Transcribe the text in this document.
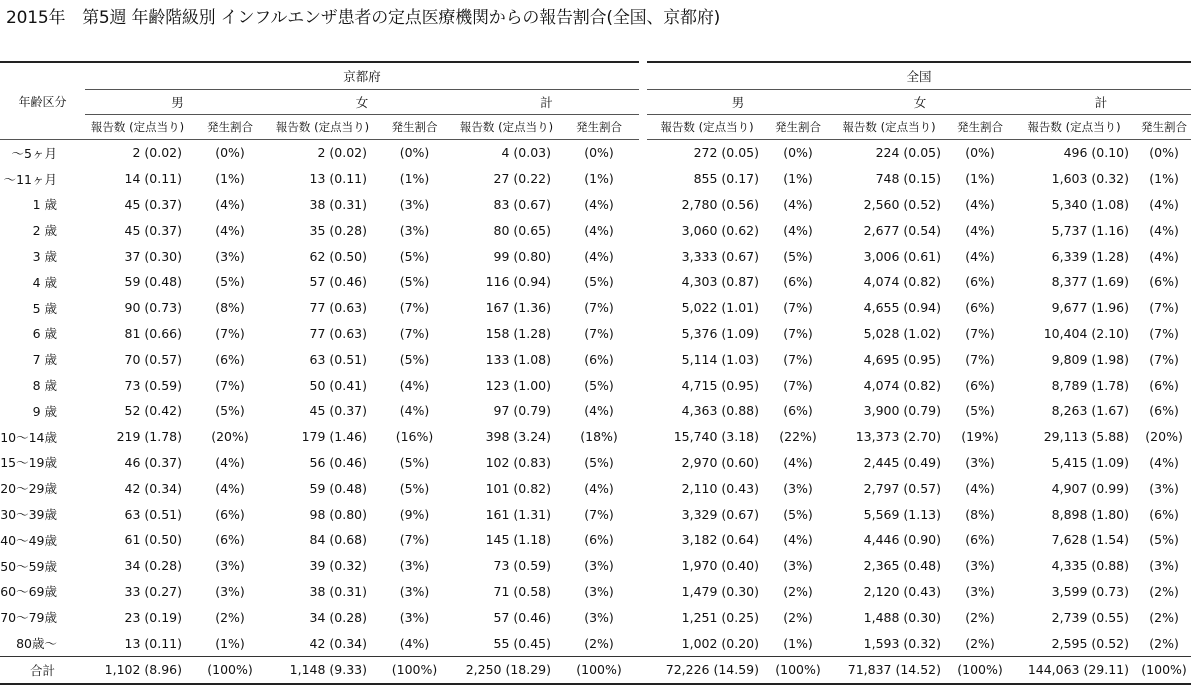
2015年　第5週 年齢階級別 インフルエンザ患者の定点医療機関からの報告割合(全国、京都府)
年齢区分	京都府							全国					
	男		女		計			男		女		計	
	報告数 (定点当り)	発生割合	報告数 (定点当り)	発生割合	報告数 (定点当り)	発生割合		報告数 (定点当り)	発生割合	報告数 (定点当り)	発生割合	報告数 (定点当り)	発生割合
～5ヶ月	2 (0.02)	(0%)	2 (0.02)	(0%)	4 (0.03)	(0%)		272 (0.05)	(0%)	224 (0.05)	(0%)	496 (0.10)	(0%)
～11ヶ月	14 (0.11)	(1%)	13 (0.11)	(1%)	27 (0.22)	(1%)		855 (0.17)	(1%)	748 (0.15)	(1%)	1,603 (0.32)	(1%)
1 歳	45 (0.37)	(4%)	38 (0.31)	(3%)	83 (0.67)	(4%)		2,780 (0.56)	(4%)	2,560 (0.52)	(4%)	5,340 (1.08)	(4%)
2 歳	45 (0.37)	(4%)	35 (0.28)	(3%)	80 (0.65)	(4%)		3,060 (0.62)	(4%)	2,677 (0.54)	(4%)	5,737 (1.16)	(4%)
3 歳	37 (0.30)	(3%)	62 (0.50)	(5%)	99 (0.80)	(4%)		3,333 (0.67)	(5%)	3,006 (0.61)	(4%)	6,339 (1.28)	(4%)
4 歳	59 (0.48)	(5%)	57 (0.46)	(5%)	116 (0.94)	(5%)		4,303 (0.87)	(6%)	4,074 (0.82)	(6%)	8,377 (1.69)	(6%)
5 歳	90 (0.73)	(8%)	77 (0.63)	(7%)	167 (1.36)	(7%)		5,022 (1.01)	(7%)	4,655 (0.94)	(6%)	9,677 (1.96)	(7%)
6 歳	81 (0.66)	(7%)	77 (0.63)	(7%)	158 (1.28)	(7%)		5,376 (1.09)	(7%)	5,028 (1.02)	(7%)	10,404 (2.10)	(7%)
7 歳	70 (0.57)	(6%)	63 (0.51)	(5%)	133 (1.08)	(6%)		5,114 (1.03)	(7%)	4,695 (0.95)	(7%)	9,809 (1.98)	(7%)
8 歳	73 (0.59)	(7%)	50 (0.41)	(4%)	123 (1.00)	(5%)		4,715 (0.95)	(7%)	4,074 (0.82)	(6%)	8,789 (1.78)	(6%)
9 歳	52 (0.42)	(5%)	45 (0.37)	(4%)	97 (0.79)	(4%)		4,363 (0.88)	(6%)	3,900 (0.79)	(5%)	8,263 (1.67)	(6%)
10～14歳	219 (1.78)	(20%)	179 (1.46)	(16%)	398 (3.24)	(18%)		15,740 (3.18)	(22%)	13,373 (2.70)	(19%)	29,113 (5.88)	(20%)
15～19歳	46 (0.37)	(4%)	56 (0.46)	(5%)	102 (0.83)	(5%)		2,970 (0.60)	(4%)	2,445 (0.49)	(3%)	5,415 (1.09)	(4%)
20～29歳	42 (0.34)	(4%)	59 (0.48)	(5%)	101 (0.82)	(4%)		2,110 (0.43)	(3%)	2,797 (0.57)	(4%)	4,907 (0.99)	(3%)
30～39歳	63 (0.51)	(6%)	98 (0.80)	(9%)	161 (1.31)	(7%)		3,329 (0.67)	(5%)	5,569 (1.13)	(8%)	8,898 (1.80)	(6%)
40～49歳	61 (0.50)	(6%)	84 (0.68)	(7%)	145 (1.18)	(6%)		3,182 (0.64)	(4%)	4,446 (0.90)	(6%)	7,628 (1.54)	(5%)
50～59歳	34 (0.28)	(3%)	39 (0.32)	(3%)	73 (0.59)	(3%)		1,970 (0.40)	(3%)	2,365 (0.48)	(3%)	4,335 (0.88)	(3%)
60～69歳	33 (0.27)	(3%)	38 (0.31)	(3%)	71 (0.58)	(3%)		1,479 (0.30)	(2%)	2,120 (0.43)	(3%)	3,599 (0.73)	(2%)
70～79歳	23 (0.19)	(2%)	34 (0.28)	(3%)	57 (0.46)	(3%)		1,251 (0.25)	(2%)	1,488 (0.30)	(2%)	2,739 (0.55)	(2%)
80歳～	13 (0.11)	(1%)	42 (0.34)	(4%)	55 (0.45)	(2%)		1,002 (0.20)	(1%)	1,593 (0.32)	(2%)	2,595 (0.52)	(2%)
合計	1,102 (8.96)	(100%)	1,148 (9.33)	(100%)	2,250 (18.29)	(100%)		72,226 (14.59)	(100%)	71,837 (14.52)	(100%)	144,063 (29.11)	(100%)
